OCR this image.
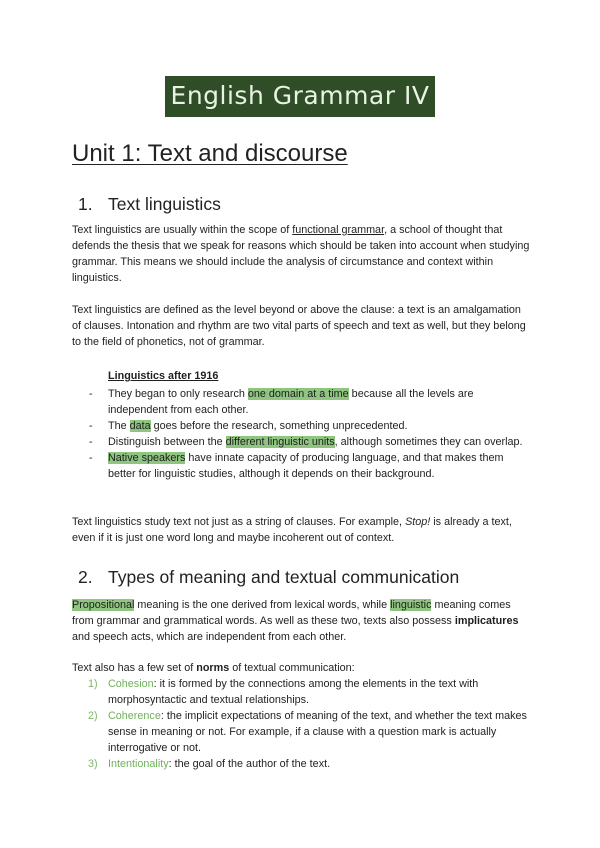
English Grammar IV
Unit 1: Text and discourse
1. Text linguistics

Text linguistics are usually within the scope of functional grammar, a school of thought that defends the thesis that we speak for reasons which should be taken into account when studying grammar. This means we should include the analysis of circumstance and context within linguistics.

Text linguistics are defined as the level beyond or above the clause: a text is an amalgamation of clauses. Intonation and rhythm are two vital parts of speech and text as well, but they belong to the field of phonetics, not of grammar.

Linguistics after 1916

- They began to only research one domain at a time because all the levels are independent from each other.
- The data goes before the research, something unprecedented.
- Distinguish between the different linguistic units, although sometimes they can overlap.
- Native speakers have innate capacity of producing language, and that makes them better for linguistic studies, although it depends on their background.

Text linguistics study text not just as a string of clauses. For example, Stop! is already a text, even if it is just one word long and maybe incoherent out of context.

2. Types of meaning and textual communication

Propositional meaning is the one derived from lexical words, while linguistic meaning comes from grammar and grammatical words. As well as these two, texts also possess implicatures and speech acts, which are independent from each other.

Text also has a few set of norms of textual communication:

1) Cohesion: it is formed by the connections among the elements in the text with morphosyntactic and textual relationships.
2) Coherence: the implicit expectations of meaning of the text, and whether the text makes sense in meaning or not. For example, if a clause with a question mark is actually interrogative or not.
3) Intentionality: the goal of the author of the text.
